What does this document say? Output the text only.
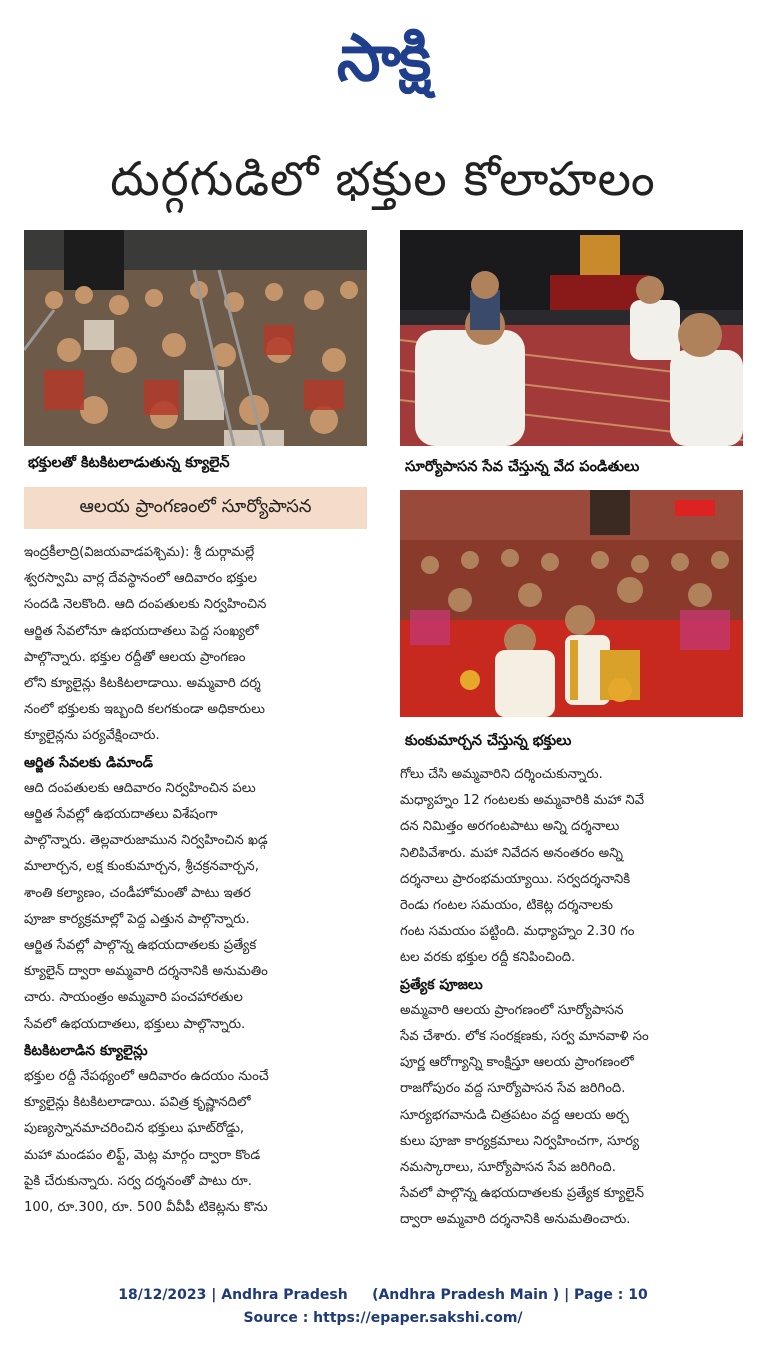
సాక్షి
దుర్గగుడిలో భక్తుల కోలాహలం
భక్తులతో కిటకిటలాడుతున్న క్యూలైన్	సూర్యోపాసన సేవ చేస్తున్న వేద పండితులు
కుంకుమార్చన చేస్తున్న భక్తులు
ఆలయ ప్రాంగణంలో సూర్యోపాసన

ఇంద్రకీలాద్రి(విజయవాడపశ్చిమ): శ్రీ దుర్గామల్లే

శ్వరస్వామి వార్ల దేవస్థానంలో ఆదివారం భక్తుల

సందడి నెలకొంది. ఆది దంపతులకు నిర్వహించిన

ఆర్జిత సేవలోనూ ఉభయదాతలు పెద్ద సంఖ్యలో

పాల్గొన్నారు. భక్తుల రద్దీతో ఆలయ ప్రాంగణం

లోని క్యూలైన్లు కిటకిటలాడాయి. అమ్మవారి దర్శ

నంలో భక్తులకు ఇబ్బంది కలగకుండా అధికారులు

క్యూలైన్లను పర్యవేక్షించారు.

ఆర్జిత సేవలకు డిమాండ్

ఆది దంపతులకు ఆదివారం నిర్వహించిన పలు

ఆర్జిత సేవల్లో ఉభయదాతలు విశేషంగా

పాల్గొన్నారు. తెల్లవారుజామున నిర్వహించిన ఖడ్గ

మాలార్చన, లక్ష కుంకుమార్చన, శ్రీచక్రనవార్చన,

శాంతి కల్యాణం, చండీహోమంతో పాటు ఇతర

పూజా కార్యక్రమాల్లో పెద్ద ఎత్తున పాల్గొన్నారు.

ఆర్జిత సేవల్లో పాల్గొన్న ఉభయదాతలకు ప్రత్యేక

క్యూలైన్ ద్వారా అమ్మవారి దర్శనానికి అనుమతిం

చారు. సాయంత్రం అమ్మవారి పంచహారతుల

సేవలో ఉభయదాతలు, భక్తులు పాల్గొన్నారు.

కిటకిటలాడిన క్యూలైన్లు

భక్తుల రద్దీ నేపథ్యంలో ఆదివారం ఉదయం నుంచే

క్యూలైన్లు కిటకిటలాడాయి. పవిత్ర కృష్ణానదిలో

పుణ్యస్నానమాచరించిన భక్తులు ఘాట్‌రోడ్డు,

మహా మండపం లిఫ్ట్, మెట్ల మార్గం ద్వారా కొండ

పైకి చేరుకున్నారు. సర్వ దర్శనంతో పాటు రూ.

100, రూ.300, రూ. 500 వీవీపీ టికెట్లను కొను

గోలు చేసి అమ్మవారిని దర్శించుకున్నారు.

మధ్యాహ్నం 12 గంటలకు అమ్మవారికి మహా నివే

దన నిమిత్తం అరగంటపాటు అన్ని దర్శనాలు

నిలిపివేశారు. మహా నివేదన అనంతరం అన్ని

దర్శనాలు ప్రారంభమయ్యాయి. సర్వదర్శనానికి

రెండు గంటల సమయం, టికెట్ల దర్శనాలకు

గంట సమయం పట్టింది. మధ్యాహ్నం 2.30 గం

టల వరకు భక్తుల రద్దీ కనిపించింది.

ప్రత్యేక పూజలు

అమ్మవారి ఆలయ ప్రాంగణంలో సూర్యోపాసన

సేవ చేశారు. లోక సంరక్షణకు, సర్వ మానవాళి సం

పూర్ణ ఆరోగ్యాన్ని కాంక్షిస్తూ ఆలయ ప్రాంగణంలో

రాజగోపురం వద్ద సూర్యోపాసన సేవ జరిగింది.

సూర్యభగవానుడి చిత్రపటం వద్ద ఆలయ అర్చ

కులు పూజా కార్యక్రమాలు నిర్వహించగా, సూర్య

నమస్కారాలు, సూర్యోపాసన సేవ జరిగింది.

సేవలో పాల్గొన్న ఉభయదాతలకు ప్రత్యేక క్యూలైన్

ద్వారా అమ్మవారి దర్శనానికి అనుమతించారు.

18/12/2023 | Andhra Pradesh     (Andhra Pradesh Main ) | Page : 10
Source : https://epaper.sakshi.com/
